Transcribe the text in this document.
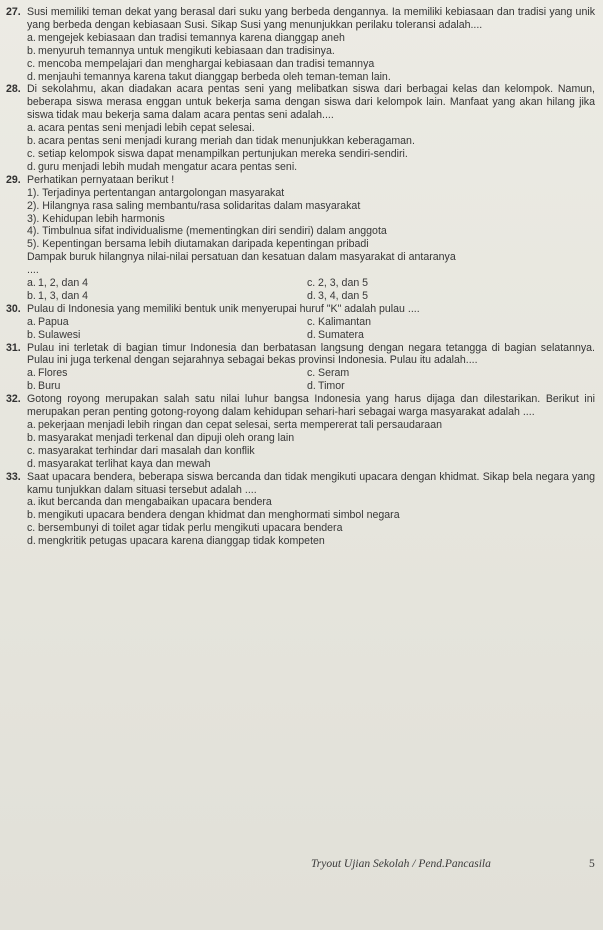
27. Susi memiliki teman dekat yang berasal dari suku yang berbeda dengannya. Ia memiliki kebiasaan dan tradisi yang unik yang berbeda dengan kebiasaan Susi. Sikap Susi yang menunjukkan perilaku toleransi adalah....
a. mengejek kebiasaan dan tradisi temannya karena dianggap aneh
b. menyuruh temannya untuk mengikuti kebiasaan dan tradisinya.
c. mencoba mempelajari dan menghargai kebiasaan dan tradisi temannya
d. menjauhi temannya karena takut dianggap berbeda oleh teman-teman lain.
28. Di sekolahmu, akan diadakan acara pentas seni yang melibatkan siswa dari berbagai kelas dan kelompok. Namun, beberapa siswa merasa enggan untuk bekerja sama dengan siswa dari kelompok lain. Manfaat yang akan hilang jika siswa tidak mau bekerja sama dalam acara pentas seni adalah....
a. acara pentas seni menjadi lebih cepat selesai.
b. acara pentas seni menjadi kurang meriah dan tidak menunjukkan keberagaman.
c. setiap kelompok siswa dapat menampilkan pertunjukan mereka sendiri-sendiri.
d. guru menjadi lebih mudah mengatur acara pentas seni.
29. Perhatikan pernyataan berikut !
1). Terjadinya pertentangan antargolongan masyarakat
2). Hilangnya rasa saling membantu/rasa solidaritas dalam masyarakat
3). Kehidupan lebih harmonis
4). Timbulnua sifat individualisme (mementingkan diri sendiri) dalam anggota
5). Kepentingan bersama lebih diutamakan daripada kepentingan pribadi
Dampak buruk hilangnya nilai-nilai persatuan dan kesatuan dalam masyarakat di antaranya
....
a. 1, 2, dan 4	c. 2, 3, dan 5
b. 1, 3, dan 4	d. 3, 4, dan 5
30. Pulau di Indonesia yang memiliki bentuk unik menyerupai huruf "K" adalah pulau ....
a. Papua	c. Kalimantan
b. Sulawesi	d. Sumatera
31. Pulau ini terletak di bagian timur Indonesia dan berbatasan langsung dengan negara tetangga di bagian selatannya. Pulau ini juga terkenal dengan sejarahnya sebagai bekas provinsi Indonesia. Pulau itu adalah....
a. Flores	c. Seram
b. Buru	d. Timor
32. Gotong royong merupakan salah satu nilai luhur bangsa Indonesia yang harus dijaga dan dilestarikan. Berikut ini merupakan peran penting gotong-royong dalam kehidupan sehari-hari sebagai warga masyarakat adalah ....
a. pekerjaan menjadi lebih ringan dan cepat selesai, serta mempererat tali persaudaraan
b. masyarakat menjadi terkenal dan dipuji oleh orang lain
c. masyarakat terhindar dari masalah dan konflik
d. masyarakat terlihat kaya dan mewah
33. Saat upacara bendera, beberapa siswa bercanda dan tidak mengikuti upacara dengan khidmat. Sikap bela negara yang kamu tunjukkan dalam situasi tersebut adalah ....
a. ikut bercanda dan mengabaikan upacara bendera
b. mengikuti upacara bendera dengan khidmat dan menghormati simbol negara
c. bersembunyi di toilet agar tidak perlu mengikuti upacara bendera
d. mengkritik petugas upacara karena dianggap tidak kompeten
Tryout Ujian Sekolah / Pend.Pancasila	5
